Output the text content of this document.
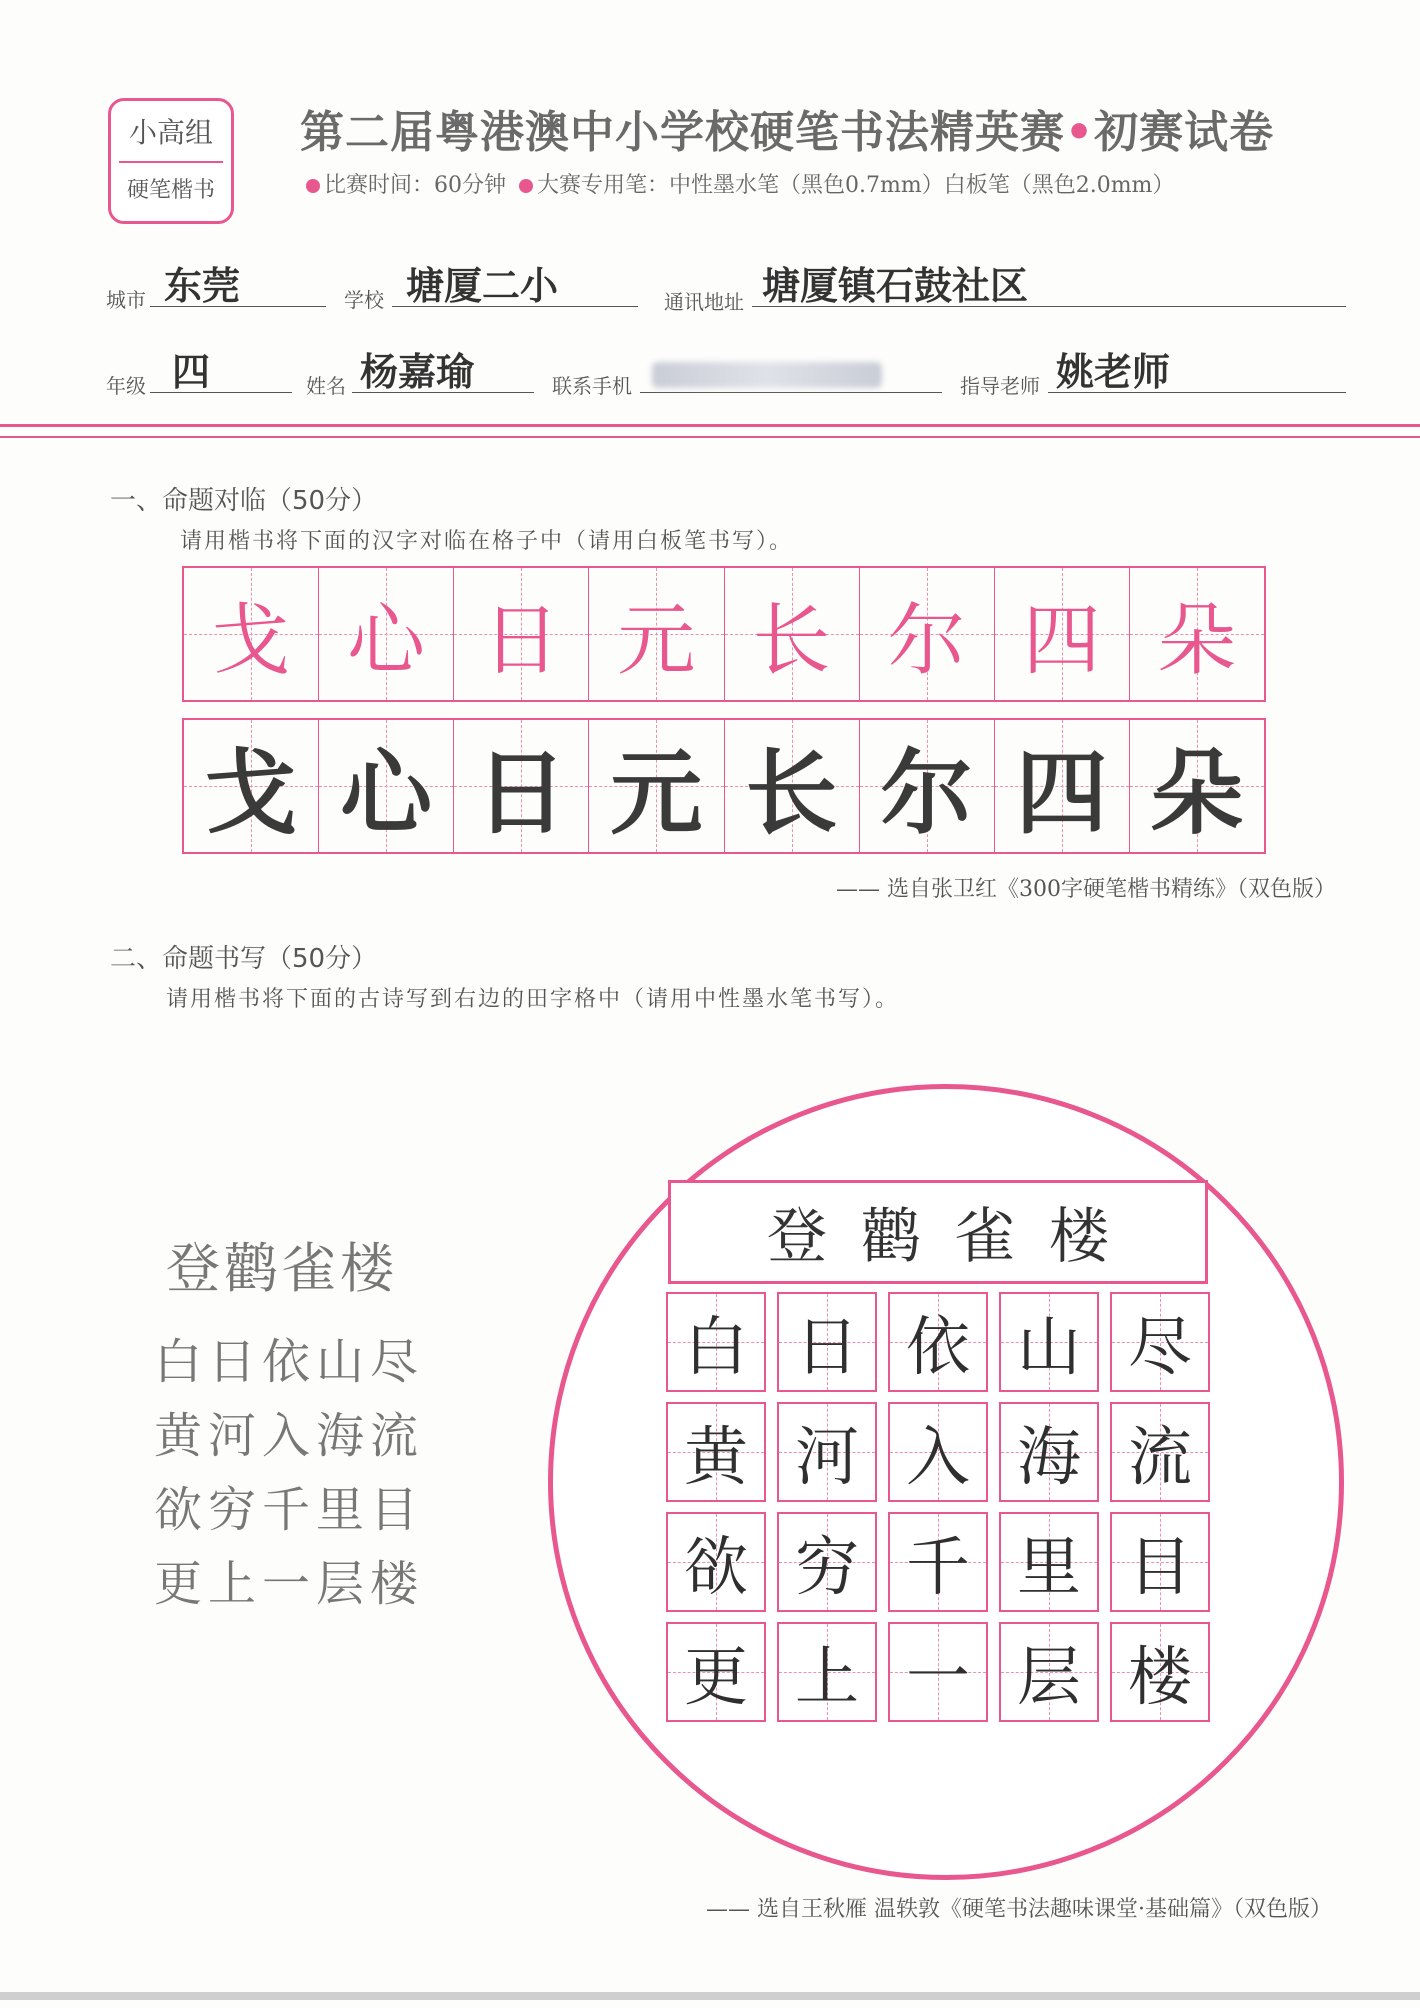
小高组
硬笔楷书
第二届粤港澳中小学校硬笔书法精英赛•初赛试卷
比赛时间：60分钟 大赛专用笔：中性墨水笔（黑色0.7mm）白板笔（黑色2.0mm）
城市 东莞	学校 塘厦二小	通讯地址 塘厦镇石鼓社区
年级 四	姓名 杨嘉瑜	联系手机	指导老师 姚老师
一、命题对临（50分）
请用楷书将下面的汉字对临在格子中（请用白板笔书写）。
戈 心 日 元 长 尔 四 朵
戈 心 日 元 长 尔 四 朵
—— 选自张卫红《300字硬笔楷书精练》（双色版）
二、命题书写（50分）
请用楷书将下面的古诗写到右边的田字格中（请用中性墨水笔书写）。
登鹳雀楼
白日依山尽
黄河入海流
欲穷千里目
更上一层楼
登鹳雀楼
白 日 依 山 尽
黄 河 入 海 流
欲 穷 千 里 目
更 上 一 层 楼
—— 选自王秋雁 温轶敦《硬笔书法趣味课堂·基础篇》（双色版）
